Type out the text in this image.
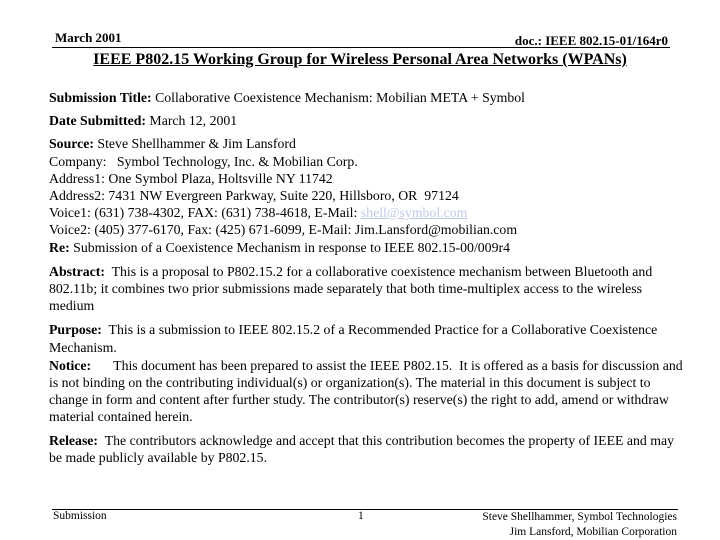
March 2001	doc.: IEEE 802.15-01/164r0
IEEE P802.15 Working Group for Wireless Personal Area Networks (WPANs)

Submission Title: Collaborative Coexistence Mechanism: Mobilian META + Symbol

Date Submitted: March 12, 2001

Source: Steve Shellhammer & Jim Lansford

Company:   Symbol Technology, Inc. & Mobilian Corp.

Address1: One Symbol Plaza, Holtsville NY 11742

Address2: 7431 NW Evergreen Parkway, Suite 220, Hillsboro, OR  97124

Voice1: (631) 738-4302, FAX: (631) 738-4618, E-Mail: shell@symbol.com

Voice2: (405) 377-6170, Fax: (425) 671-6099, E-Mail: Jim.Lansford@mobilian.com

Re: Submission of a Coexistence Mechanism in response to IEEE 802.15-00/009r4

Abstract: This is a proposal to P802.15.2 for a collaborative coexistence mechanism between Bluetooth and 802.11b; it combines two prior submissions made separately that both time-multiplex access to the wireless medium

Purpose: This is a submission to IEEE 802.15.2 of a Recommended Practice for a Collaborative Coexistence Mechanism.

Notice: This document has been prepared to assist the IEEE P802.15.  It is offered as a basis for discussion and is not binding on the contributing individual(s) or organization(s). The material in this document is subject to change in form and content after further study. The contributor(s) reserve(s) the right to add, amend or withdraw material contained herein.

Release: The contributors acknowledge and accept that this contribution becomes the property of IEEE and may be made publicly available by P802.15.

Submission	1	Steve Shellhammer, Symbol Technologies
Jim Lansford, Mobilian Corporation
